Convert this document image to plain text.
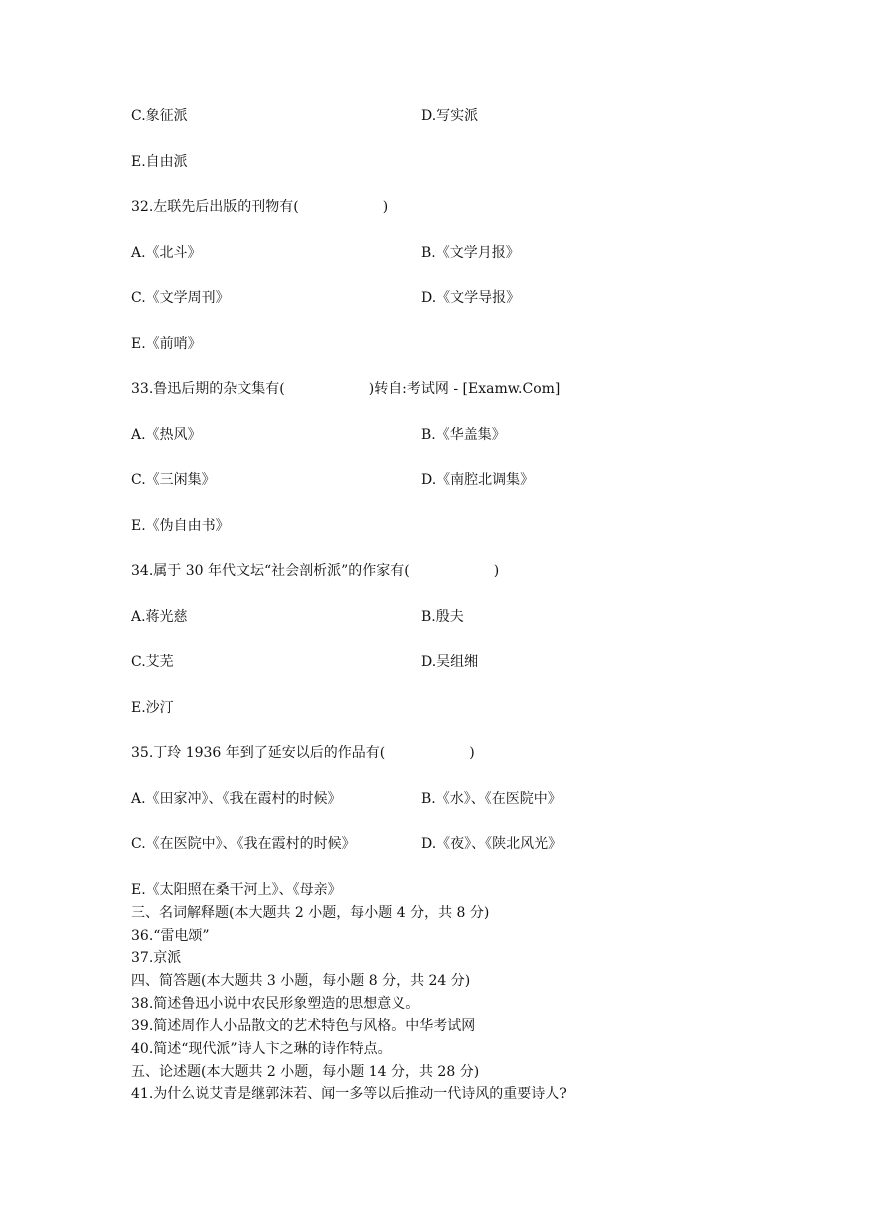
C.象征派	D.写实派
E.自由派
32.左联先后出版的刊物有(　　　　　　)
A.《北斗》	B.《文学月报》
C.《文学周刊》	D.《文学导报》
E.《前哨》
33.鲁迅后期的杂文集有(　　　　　　)转自:考试网 - [Examw.Com]
A.《热风》	B.《华盖集》
C.《三闲集》	D.《南腔北调集》
E.《伪自由书》
34.属于 30 年代文坛“社会剖析派”的作家有(　　　　　　)
A.蒋光慈	B.殷夫
C.艾芜	D.吴组缃
E.沙汀
35.丁玲 1936 年到了延安以后的作品有(　　　　　　)
A.《田家冲》、《我在霞村的时候》	B.《水》、《在医院中》
C.《在医院中》、《我在霞村的时候》	D.《夜》、《陕北风光》
E.《太阳照在桑干河上》、《母亲》
三、名词解释题(本大题共 2 小题，每小题 4 分，共 8 分)
36.“雷电颂”
37.京派
四、简答题(本大题共 3 小题，每小题 8 分，共 24 分)
38.简述鲁迅小说中农民形象塑造的思想意义。
39.简述周作人小品散文的艺术特色与风格。中华考试网
40.简述“现代派”诗人卞之琳的诗作特点。
五、论述题(本大题共 2 小题，每小题 14 分，共 28 分)
41.为什么说艾青是继郭沫若、闻一多等以后推动一代诗风的重要诗人?
